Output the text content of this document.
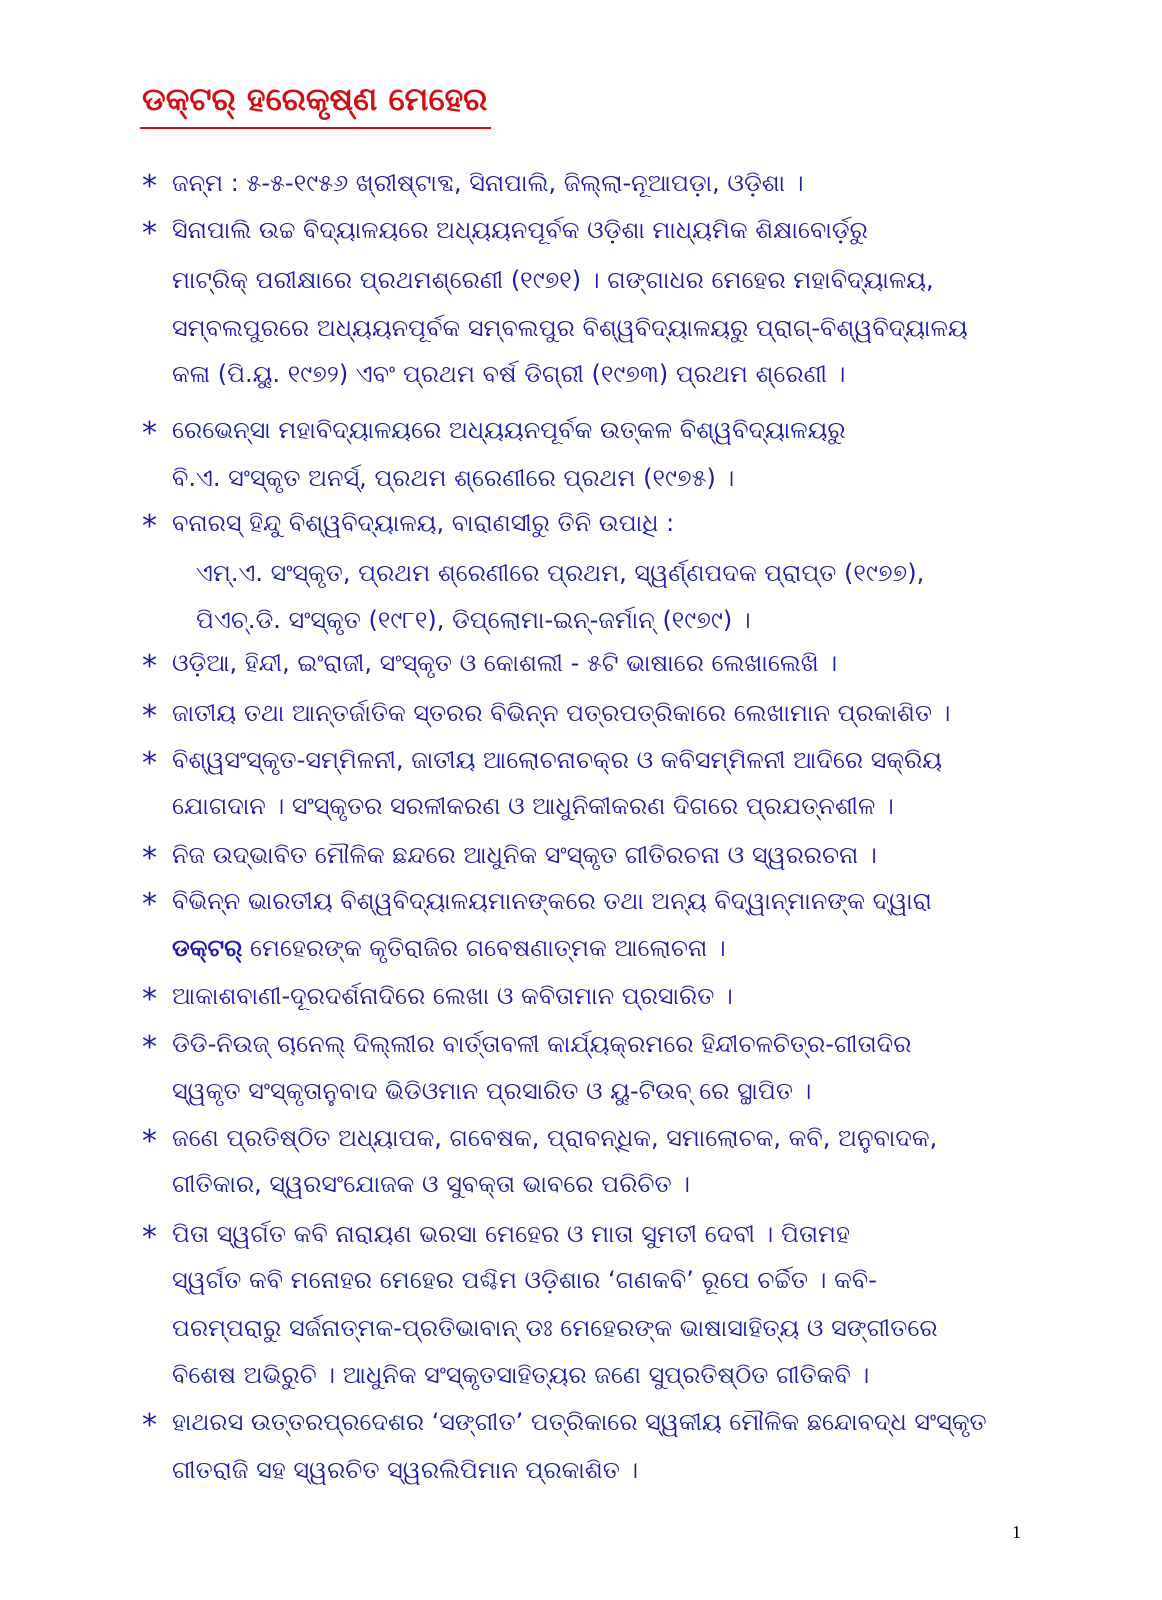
ଡକ୍ଟର୍ ହରେକୃଷ୍ଣ ମେହେର
* ଜନ୍ମ : ୫-୫-୧୯୫୬ ଖ୍ରୀଷ୍ଟାବ୍ଦ, ସିନାପାଲି, ଜିଲ୍ଲା-ନୂଆପଡ଼ା, ଓଡ଼ିଶା ।
* ସିନାପାଲି ଉଚ୍ଚ ବିଦ୍ୟାଳୟରେ ଅଧ୍ୟୟନପୂର୍ବକ ଓଡ଼ିଶା ମାଧ୍ୟମିକ ଶିକ୍ଷାବୋର୍ଡ଼ରୁ
ମାଟ୍ରିକ୍ ପରୀକ୍ଷାରେ ପ୍ରଥମଶ୍ରେଣୀ (୧୯୭୧) । ଗଙ୍ଗାଧର ମେହେର ମହାବିଦ୍ୟାଳୟ,
ସମ୍ବଲପୁରରେ ଅଧ୍ୟୟନପୂର୍ବକ ସମ୍ବଲପୁର ବିଶ୍ୱବିଦ୍ୟାଳୟରୁ ପ୍ରାଗ୍-ବିଶ୍ୱବିଦ୍ୟାଳୟ
କଳା (ପି.ୟୁ. ୧୯୭୨) ଏବଂ ପ୍ରଥମ ବର୍ଷ ଡିଗ୍ରୀ (୧୯୭୩) ପ୍ରଥମ ଶ୍ରେଣୀ ।
* ରେଭେନ୍ସା ମହାବିଦ୍ୟାଳୟରେ ଅଧ୍ୟୟନପୂର୍ବକ ଉତ୍କଳ ବିଶ୍ୱବିଦ୍ୟାଳୟରୁ
ବି.ଏ. ସଂସ୍କୃତ ଅନର୍ସ୍, ପ୍ରଥମ ଶ୍ରେଣୀରେ ପ୍ରଥମ (୧୯୭୫) ।
* ବନାରସ୍ ହିନ୍ଦୁ ବିଶ୍ୱବିଦ୍ୟାଳୟ, ବାରାଣସୀରୁ ତିନି ଉପାଧି :
ଏମ୍.ଏ. ସଂସ୍କୃତ, ପ୍ରଥମ ଶ୍ରେଣୀରେ ପ୍ରଥମ, ସ୍ୱର୍ଣ୍ଣପଦକ ପ୍ରାପ୍ତ (୧୯୭୭),
ପିଏଚ୍.ଡି. ସଂସ୍କୃତ (୧୯୮୧), ଡିପ୍ଲୋମା-ଇନ୍-ଜର୍ମାନ୍ (୧୯୭୯) ।
* ଓଡ଼ିଆ, ହିନ୍ଦୀ, ଇଂରାଜୀ, ସଂସ୍କୃତ ଓ କୋଶଲୀ - ୫ଟି ଭାଷାରେ ଲେଖାଲେଖି ।
* ଜାତୀୟ ତଥା ଆନ୍ତର୍ଜାତିକ ସ୍ତରର ବିଭିନ୍ନ ପତ୍ରପତ୍ରିକାରେ ଲେଖାମାନ ପ୍ରକାଶିତ ।
* ବିଶ୍ୱସଂସ୍କୃତ-ସମ୍ମିଳନୀ, ଜାତୀୟ ଆଲୋଚନାଚକ୍ର ଓ କବିସମ୍ମିଳନୀ ଆଦିରେ ସକ୍ରିୟ
ଯୋଗଦାନ । ସଂସ୍କୃତର ସରଳୀକରଣ ଓ ଆଧୁନିକୀକରଣ ଦିଗରେ ପ୍ରଯତ୍ନଶୀଳ ।
* ନିଜ ଉଦ୍ଭାବିତ ମୌଳିକ ଛନ୍ଦରେ ଆଧୁନିକ ସଂସ୍କୃତ ଗୀତିରଚନା ଓ ସ୍ୱରରଚନା ।
* ବିଭିନ୍ନ ଭାରତୀୟ ବିଶ୍ୱବିଦ୍ୟାଳୟମାନଙ୍କରେ ତଥା ଅନ୍ୟ ବିଦ୍ୱାନ୍ମାନଙ୍କ ଦ୍ୱାରା
ଡକ୍ଟର୍ ମେହେରଙ୍କ କୃତିରାଜିର ଗବେଷଣାତ୍ମକ ଆଲୋଚନା ।
* ଆକାଶବାଣୀ-ଦୂରଦର୍ଶନାଦିରେ ଲେଖା ଓ କବିତାମାନ ପ୍ରସାରିତ ।
* ଡିଡି-ନିଉଜ୍ ଚାନେଲ୍ ଦିଲ୍ଲୀର ବାର୍ତ୍ତାବଳୀ କାର୍ଯ୍ୟକ୍ରମରେ ହିନ୍ଦୀଚଳଚିତ୍ର-ଗୀତାଦିର
ସ୍ୱକୃତ ସଂସ୍କୃତାନୁବାଦ ଭିଡିଓମାନ ପ୍ରସାରିତ ଓ ୟୁ-ଟିଉବ୍ ରେ ସ୍ଥାପିତ ।
* ଜଣେ ପ୍ରତିଷ୍ଠିତ ଅଧ୍ୟାପକ, ଗବେଷକ, ପ୍ରାବନ୍ଧିକ, ସମାଲୋଚକ, କବି, ଅନୁବାଦକ,
ଗୀତିକାର, ସ୍ୱରସଂଯୋଜକ ଓ ସୁବକ୍ତା ଭାବରେ ପରିଚିତ ।
* ପିତା ସ୍ୱର୍ଗତ କବି ନାରାୟଣ ଭରସା ମେହେର ଓ ମାତା ସୁମତୀ ଦେବୀ । ପିତାମହ
ସ୍ୱର୍ଗତ କବି ମନୋହର ମେହେର ପଶ୍ଚିମ ଓଡ଼ିଶାର ‘ଗଣକବି’ ରୂପେ ଚର୍ଚ୍ଚିତ । କବି-
ପରମ୍ପରାରୁ ସର୍ଜନାତ୍ମକ-ପ୍ରତିଭାବାନ୍ ଡଃ ମେହେରଙ୍କ ଭାଷାସାହିତ୍ୟ ଓ ସଙ୍ଗୀତରେ
ବିଶେଷ ଅଭିରୁଚି । ଆଧୁନିକ ସଂସ୍କୃତସାହିତ୍ୟର ଜଣେ ସୁପ୍ରତିଷ୍ଠିତ ଗୀତିକବି ।
* ହାଥରସ ଉତ୍ତରପ୍ରଦେଶର ‘ସଙ୍ଗୀତ’ ପତ୍ରିକାରେ ସ୍ୱକୀୟ ମୌଳିକ ଛନ୍ଦୋବଦ୍ଧ ସଂସ୍କୃତ
ଗୀତରାଜି ସହ ସ୍ୱରଚିତ ସ୍ୱରଲିପିମାନ ପ୍ରକାଶିତ ।
1
